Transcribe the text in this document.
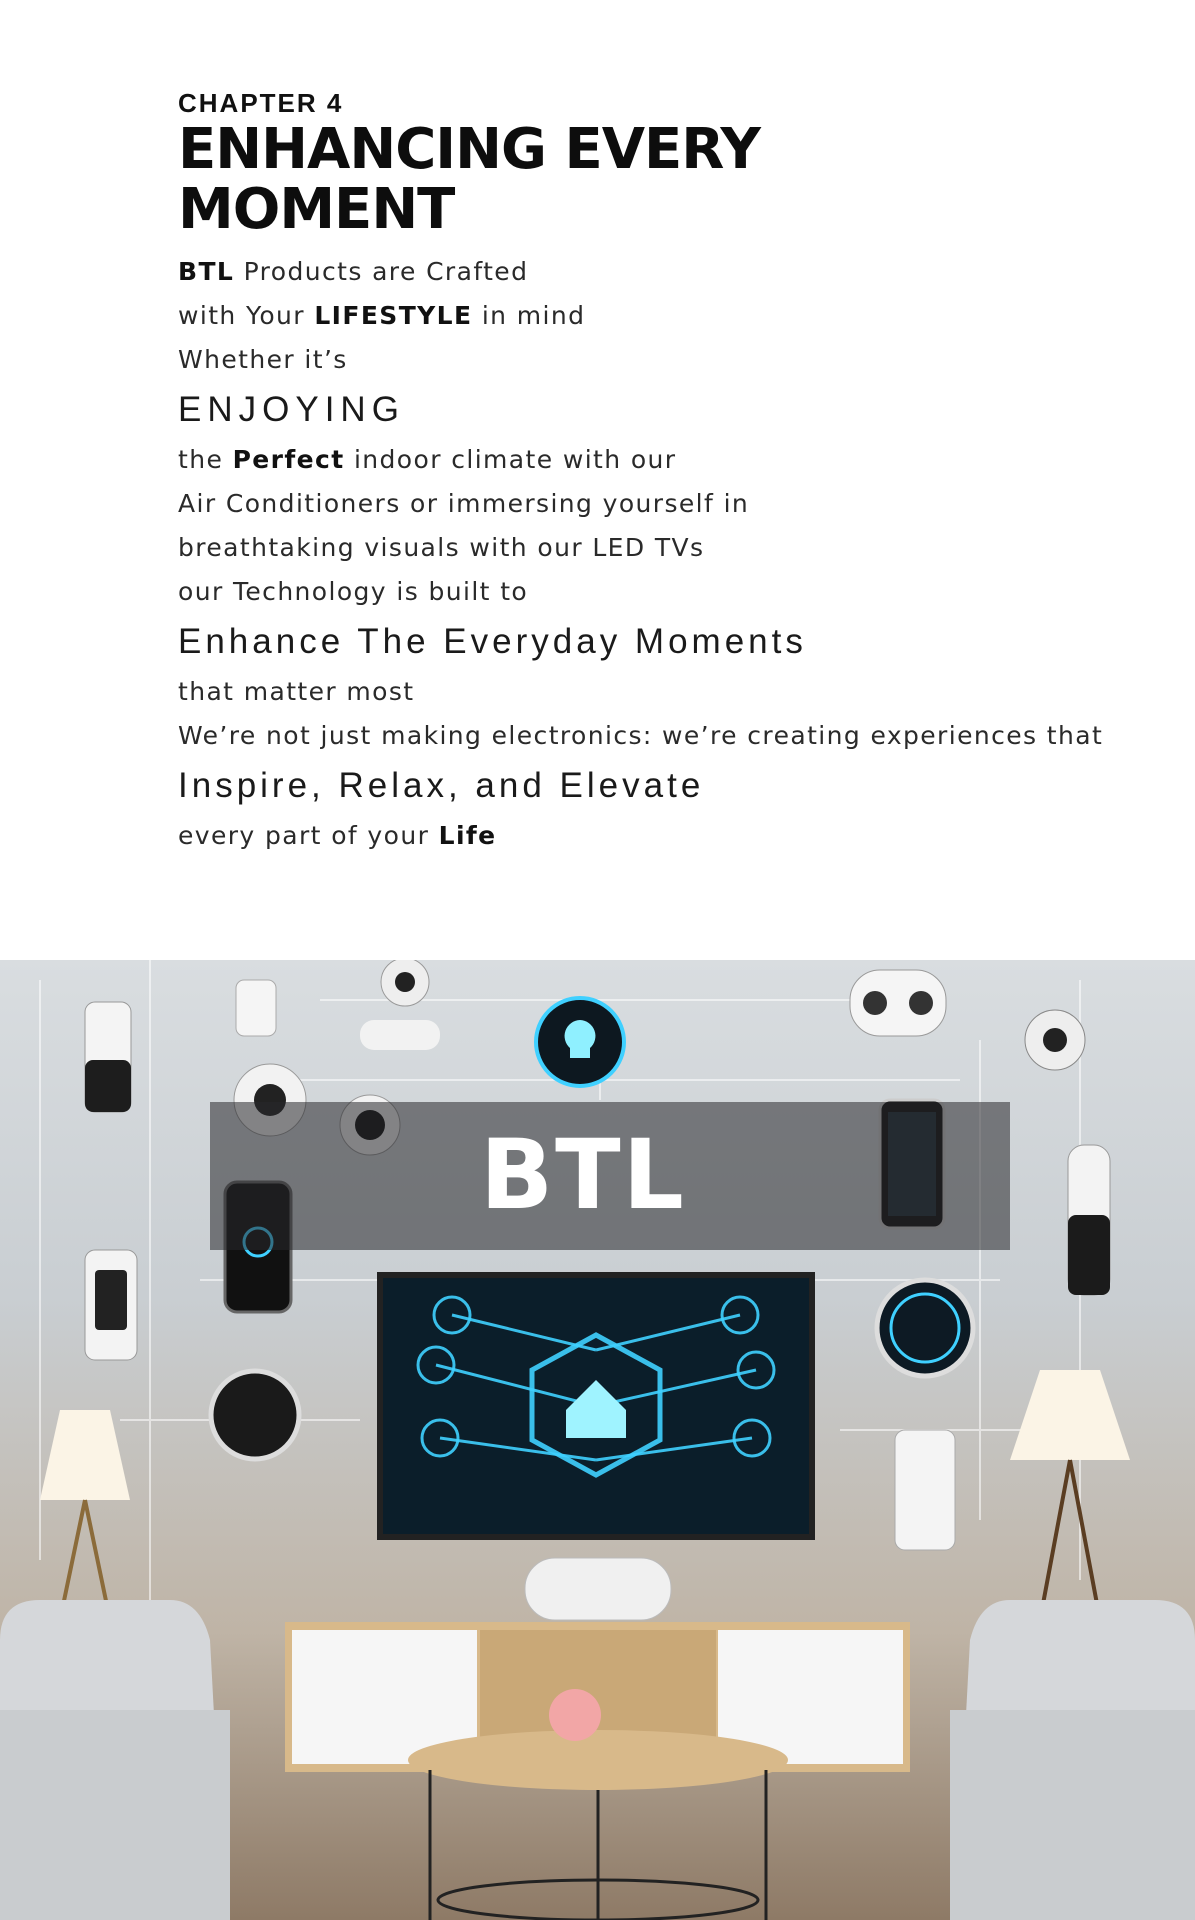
CHAPTER 4
ENHANCING EVERY
MOMENT
BTL Products are Crafted
with Your LIFESTYLE in mind
Whether it’s
ENJOYING
the Perfect indoor climate with our
Air Conditioners or immersing yourself in
breathtaking visuals with our LED TVs
our Technology is built to
Enhance The Everyday Moments
that matter most
We’re not just making electronics: we’re creating experiences that
Inspire, Relax, and Elevate
every part of your Life
BTL
